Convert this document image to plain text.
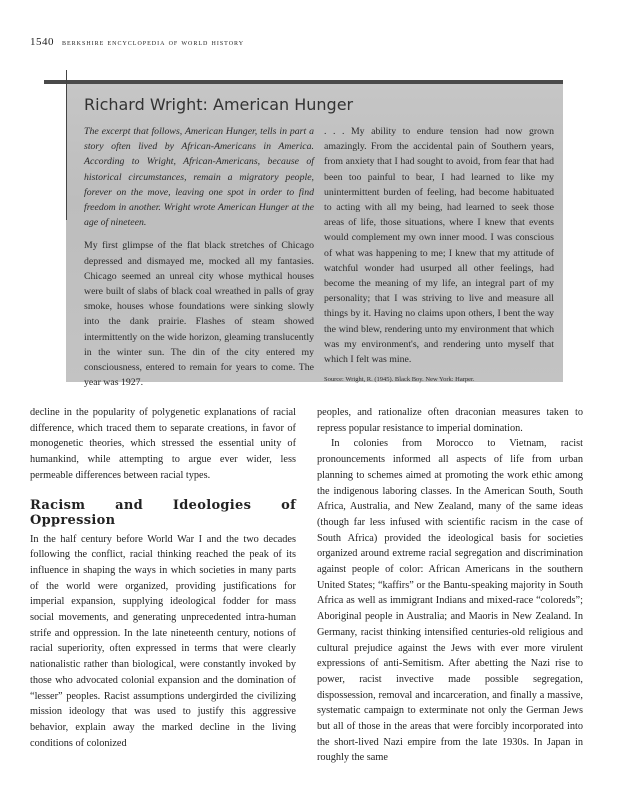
1540 berkshire encyclopedia of world history
Richard Wright: American Hunger

The excerpt that follows, American Hunger, tells in part a story often lived by African-Americans in America. According to Wright, African-Americans, because of historical circumstances, remain a migratory people, forever on the move, leaving one spot in order to find freedom in another. Wright wrote American Hunger at the age of nineteen.

My first glimpse of the flat black stretches of Chicago depressed and dismayed me, mocked all my fantasies. Chicago seemed an unreal city whose mythical houses were built of slabs of black coal wreathed in palls of gray smoke, houses whose foundations were sinking slowly into the dank prairie. Flashes of steam showed intermittently on the wide horizon, gleaming translucently in the winter sun. The din of the city entered my consciousness, entered to remain for years to come. The year was 1927.

. . . My ability to endure tension had now grown amazingly. From the accidental pain of Southern years, from anxiety that I had sought to avoid, from fear that had been too painful to bear, I had learned to like my unintermittent burden of feeling, had become habituated to acting with all my being, had learned to seek those areas of life, those situations, where I knew that events would complement my own inner mood. I was conscious of what was happening to me; I knew that my attitude of watchful wonder had usurped all other feelings, had become the meaning of my life, an integral part of my personality; that I was striving to live and measure all things by it. Having no claims upon others, I bent the way the wind blew, rendering unto my environment that which was my environment's, and rendering unto myself that which I felt was mine.

Source: Wright, R. (1945). Black Boy. New York: Harper.

decline in the popularity of polygenetic explanations of racial difference, which traced them to separate creations, in favor of monogenetic theories, which stressed the essential unity of humankind, while attempting to argue ever wider, less permeable differences between racial types.

Racism and Ideologies of Oppression

In the half century before World War I and the two decades following the conflict, racial thinking reached the peak of its influence in shaping the ways in which societies in many parts of the world were organized, providing justifications for imperial expansion, supplying ideological fodder for mass social movements, and generating unprecedented intra-human strife and oppression. In the late nineteenth century, notions of racial superiority, often expressed in terms that were clearly nationalistic rather than biological, were constantly invoked by those who advocated colonial expansion and the domination of “lesser” peoples. Racist assumptions undergirded the civilizing mission ideology that was used to justify this aggressive behavior, explain away the marked decline in the living conditions of colonized

peoples, and rationalize often draconian measures taken to repress popular resistance to imperial domination.

In colonies from Morocco to Vietnam, racist pronouncements informed all aspects of life from urban planning to schemes aimed at promoting the work ethic among the indigenous laboring classes. In the American South, South Africa, Australia, and New Zealand, many of the same ideas (though far less infused with scientific racism in the case of South Africa) provided the ideological basis for societies organized around extreme racial segregation and discrimination against people of color: African Americans in the southern United States; “kaffirs” or the Bantu-speaking majority in South Africa as well as immigrant Indians and mixed-race “coloreds”; Aboriginal people in Australia; and Maoris in New Zealand. In Germany, racist thinking intensified centuries-old religious and cultural prejudice against the Jews with ever more virulent expressions of anti-Semitism. After abetting the Nazi rise to power, racist invective made possible segregation, dispossession, removal and incarceration, and finally a massive, systematic campaign to exterminate not only the German Jews but all of those in the areas that were forcibly incorporated into the short-lived Nazi empire from the late 1930s. In Japan in roughly the same
